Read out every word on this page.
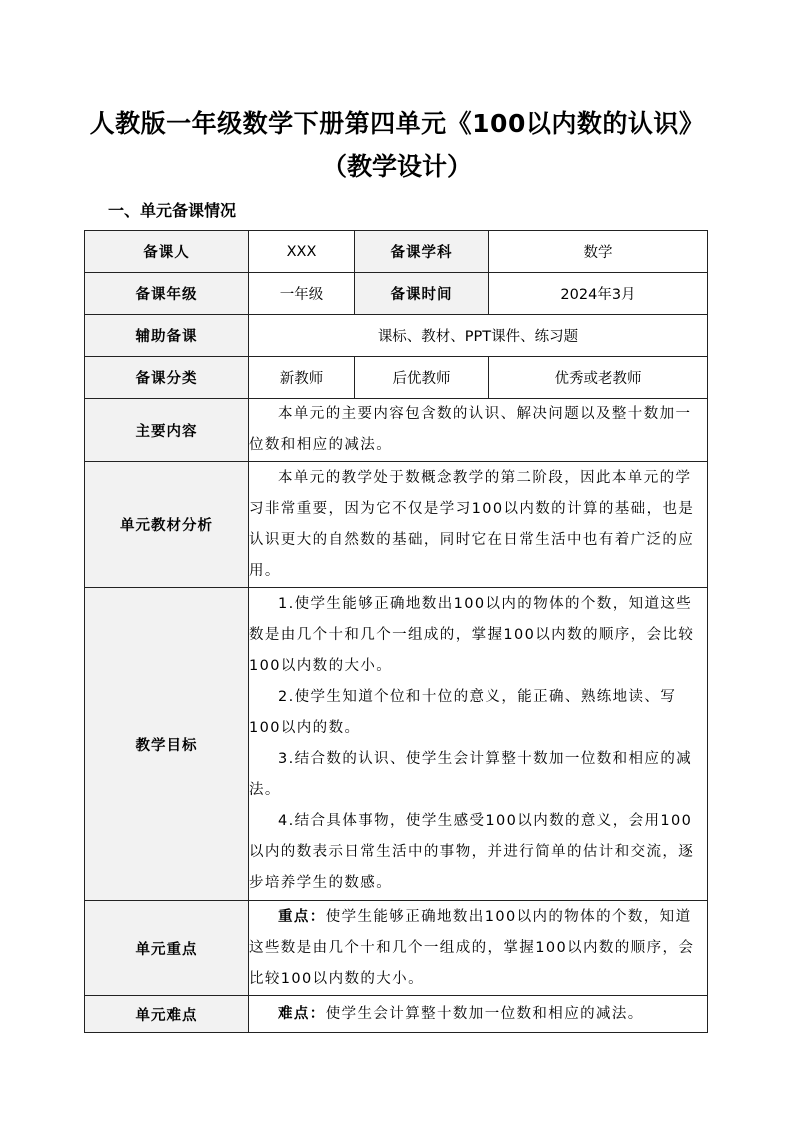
人教版一年级数学下册第四单元《100以内数的认识》
（教学设计）
一、单元备课情况
备课人	XXX	备课学科	数学
备课年级	一年级	备课时间	2024年3月
辅助备课	课标、教材、PPT课件、练习题		
备课分类	新教师	后优教师	优秀或老教师
主要内容	本单元的主要内容包含数的认识、解决问题以及整十数加一位数和相应的减法。		

单元教材分析	本单元的教学处于数概念教学的第二阶段，因此本单元的学习非常重要，因为它不仅是学习100以内数的计算的基础，也是认识更大的自然数的基础，同时它在日常生活中也有着广泛的应用。		

教学目标	1.使学生能够正确地数出100以内的物体的个数，知道这些数是由几个十和几个一组成的，掌握100以内数的顺序，会比较100以内数的大小。

2.使学生知道个位和十位的意义，能正确、熟练地读、写100以内的数。

3.结合数的认识、使学生会计算整十数加一位数和相应的减法。

4.结合具体事物，使学生感受100以内数的意义，会用100以内的数表示日常生活中的事物，并进行简单的估计和交流，逐步培养学生的数感。		

单元重点	重点：使学生能够正确地数出100以内的物体的个数，知道这些数是由几个十和几个一组成的，掌握100以内数的顺序，会比较100以内数的大小。		

单元难点	难点：使学生会计算整十数加一位数和相应的减法。		
